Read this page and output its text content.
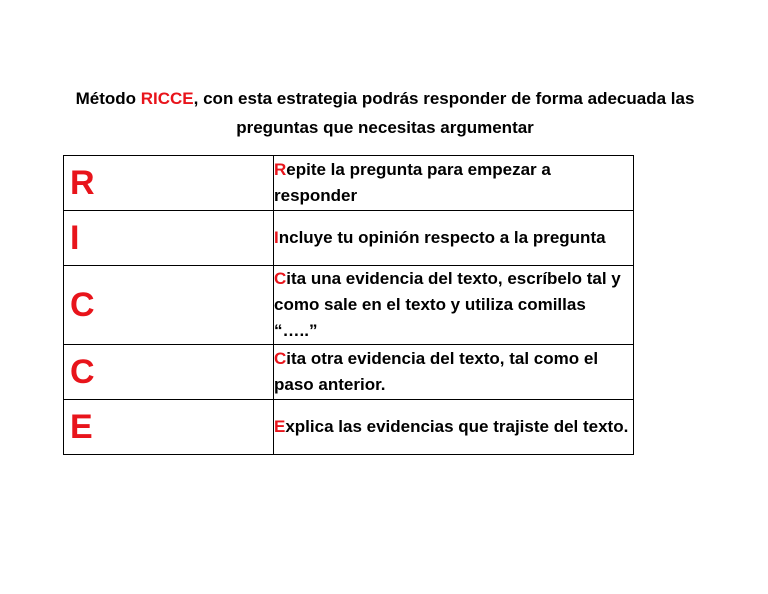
Método RICCE, con esta estrategia podrás responder de forma adecuada las preguntas que necesitas argumentar
R	Repite la pregunta para empezar a responder

I	Incluye tu opinión respecto a la pregunta

C	Cita una evidencia del texto, escríbelo tal y como sale en el texto y utiliza comillas “…..”

C	Cita otra evidencia del texto, tal como el paso anterior.

E	Explica las evidencias que trajiste del texto.
